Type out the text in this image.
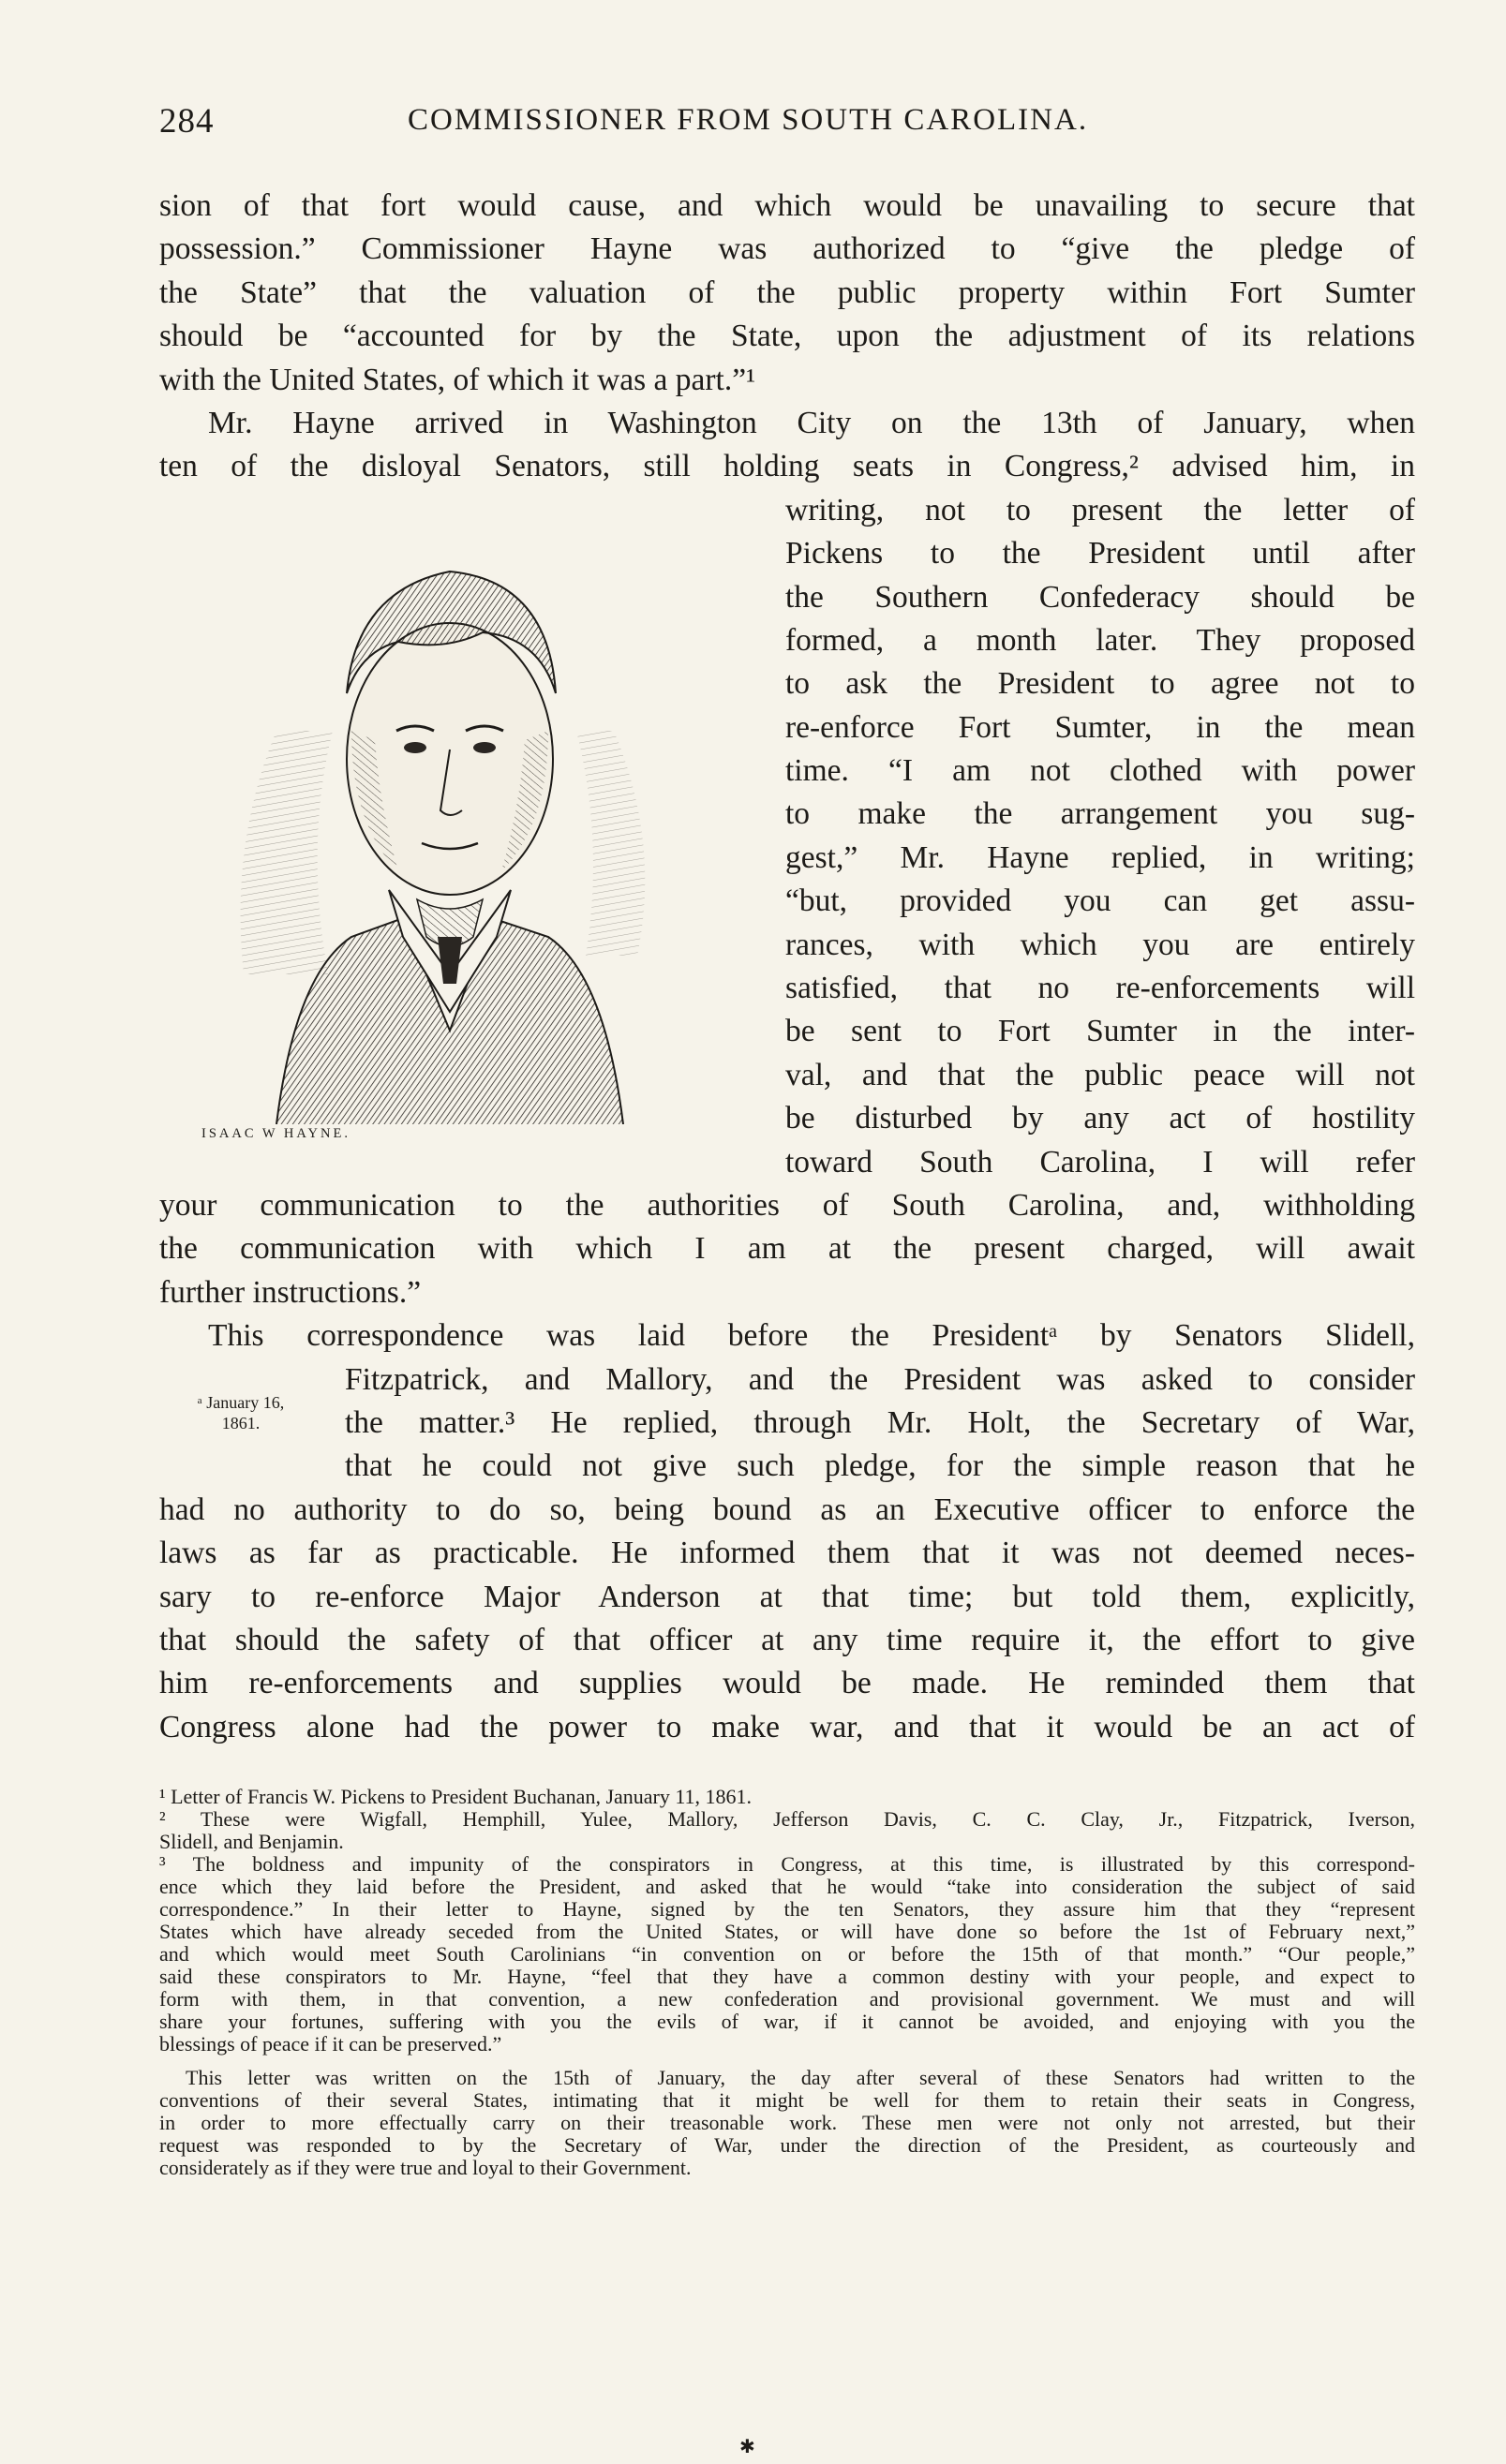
284	COMMISSIONER FROM SOUTH CAROLINA.
sion of that fort would cause, and which would be unavailing to secure that
possession.” Commissioner Hayne was authorized to “give the pledge of
the State” that the valuation of the public property within Fort Sumter
should be “accounted for by the State, upon the adjustment of its relations
with the United States, of which it was a part.”¹
Mr. Hayne arrived in Washington City on the 13th of January, when
ten of the disloyal Senators, still holding seats in Congress,² advised him, in
writing, not to present the letter of
Pickens to the President until after
the Southern Confederacy should be
formed, a month later. They proposed
to ask the President to agree not to
re-enforce Fort Sumter, in the mean
time. “I am not clothed with power
to make the arrangement you sug-
gest,” Mr. Hayne replied, in writing;
“but, provided you can get assu-
rances, with which you are entirely
satisfied, that no re-enforcements will
be sent to Fort Sumter in the inter-
val, and that the public peace will not
be disturbed by any act of hostility
toward South Carolina, I will refer
your communication to the authorities of South Carolina, and, withholding
the communication with which I am at the present charged, will await
further instructions.”
This correspondence was laid before the Presidentᵃ by Senators Slidell,
Fitzpatrick, and Mallory, and the President was asked to consider
the matter.³ He replied, through Mr. Holt, the Secretary of War,
that he could not give such pledge, for the simple reason that he
had no authority to do so, being bound as an Executive officer to enforce the
laws as far as practicable. He informed them that it was not deemed neces-
sary to re-enforce Major Anderson at that time; but told them, explicitly,
that should the safety of that officer at any time require it, the effort to give
him re-enforcements and supplies would be made. He reminded them that
Congress alone had the power to make war, and that it would be an act of
ISAAC W HAYNE.
ᵃ January 16,
1861.
¹ Letter of Francis W. Pickens to President Buchanan, January 11, 1861.
² These were Wigfall, Hemphill, Yulee, Mallory, Jefferson Davis, C. C. Clay, Jr., Fitzpatrick, Iverson,
Slidell, and Benjamin.
³ The boldness and impunity of the conspirators in Congress, at this time, is illustrated by this correspond-
ence which they laid before the President, and asked that he would “take into consideration the subject of said
correspondence.” In their letter to Hayne, signed by the ten Senators, they assure him that they “represent
States which have already seceded from the United States, or will have done so before the 1st of February next,”
and which would meet South Carolinians “in convention on or before the 15th of that month.” “Our people,”
said these conspirators to Mr. Hayne, “feel that they have a common destiny with your people, and expect to
form with them, in that convention, a new confederation and provisional government. We must and will
share your fortunes, suffering with you the evils of war, if it cannot be avoided, and enjoying with you the
blessings of peace if it can be preserved.”
This letter was written on the 15th of January, the day after several of these Senators had written to the
conventions of their several States, intimating that it might be well for them to retain their seats in Congress,
in order to more effectually carry on their treasonable work. These men were not only not arrested, but their
request was responded to by the Secretary of War, under the direction of the President, as courteously and
considerately as if they were true and loyal to their Government.
✱
